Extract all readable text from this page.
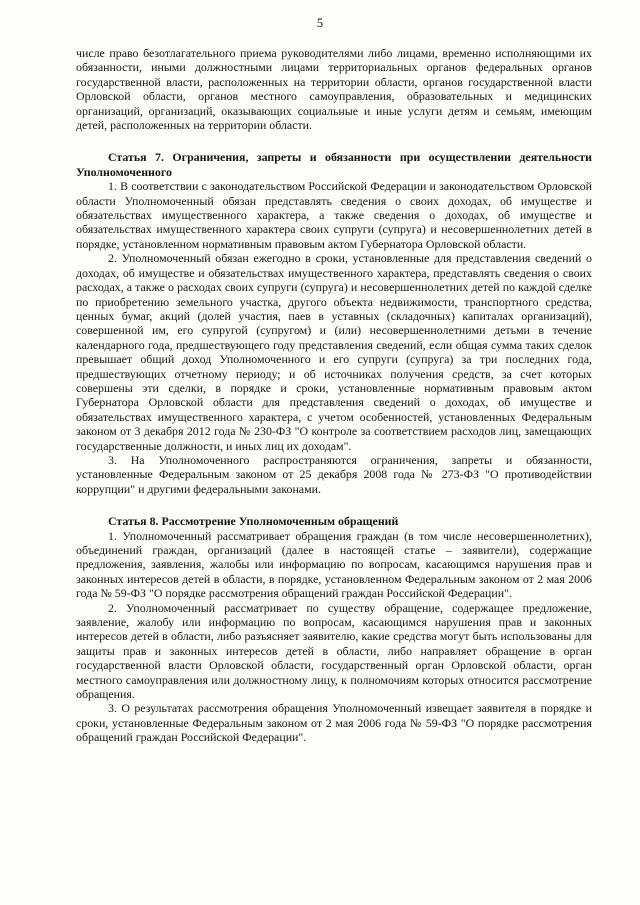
5

числе право безотлагательного приема руководителями либо лицами, временно исполняющими их обязанности, иными должностными лицами территориальных органов федеральных органов государственной власти, расположенных на территории области, органов государственной власти Орловской области, органов местного самоуправления, образовательных и медицинских организаций, организаций, оказывающих социальные и иные услуги детям и семьям, имеющим детей, расположенных на территории области.

Статья 7. Ограничения, запреты и обязанности при осуществлении деятельности Уполномоченного

1. В соответствии с законодательством Российской Федерации и законодательством Орловской области Уполномоченный обязан представлять сведения о своих доходах, об имуществе и обязательствах имущественного характера, а также сведения о доходах, об имуществе и обязательствах имущественного характера своих супруги (супруга) и несовершеннолетних детей в порядке, установленном нормативным правовым актом Губернатора Орловской области.

2. Уполномоченный обязан ежегодно в сроки, установленные для представления сведений о доходах, об имуществе и обязательствах имущественного характера, представлять сведения о своих расходах, а также о расходах своих супруги (супруга) и несовершеннолетних детей по каждой сделке по приобретению земельного участка, другого объекта недвижимости, транспортного средства, ценных бумаг, акций (долей участия, паев в уставных (складочных) капиталах организаций), совершенной им, его супругой (супругом) и (или) несовершеннолетними детьми в течение календарного года, предшествующего году представления сведений, если общая сумма таких сделок превышает общий доход Уполномоченного и его супруги (супруга) за три последних года, предшествующих отчетному периоду; и об источниках получения средств, за счет которых совершены эти сделки, в порядке и сроки, установленные нормативным правовым актом Губернатора Орловской области для представления сведений о доходах, об имуществе и обязательствах имущественного характера, с учетом особенностей, установленных Федеральным законом от 3 декабря 2012 года № 230-ФЗ "О контроле за соответствием расходов лиц, замещающих государственные должности, и иных лиц их доходам".

3. На Уполномоченного распространяются ограничения, запреты и обязанности, установленные Федеральным законом от 25 декабря 2008 года № 273-ФЗ "О противодействии коррупции" и другими федеральными законами.

Статья 8. Рассмотрение Уполномоченным обращений

1. Уполномоченный рассматривает обращения граждан (в том числе несовершеннолетних), объединений граждан, организаций (далее в настоящей статье – заявители), содержащие предложения, заявления, жалобы или информацию по вопросам, касающимся нарушения прав и законных интересов детей в области, в порядке, установленном Федеральным законом от 2 мая 2006 года № 59-ФЗ "О порядке рассмотрения обращений граждан Российской Федерации".

2. Уполномоченный рассматривает по существу обращение, содержащее предложение, заявление, жалобу или информацию по вопросам, касающимся нарушения прав и законных интересов детей в области, либо разъясняет заявителю, какие средства могут быть использованы для защиты прав и законных интересов детей в области, либо направляет обращение в орган государственной власти Орловской области, государственный орган Орловской области, орган местного самоуправления или должностному лицу, к полномочиям которых относится рассмотрение обращения.

3. О результатах рассмотрения обращения Уполномоченный извещает заявителя в порядке и сроки, установленные Федеральным законом от 2 мая 2006 года № 59-ФЗ "О порядке рассмотрения обращений граждан Российской Федерации".
